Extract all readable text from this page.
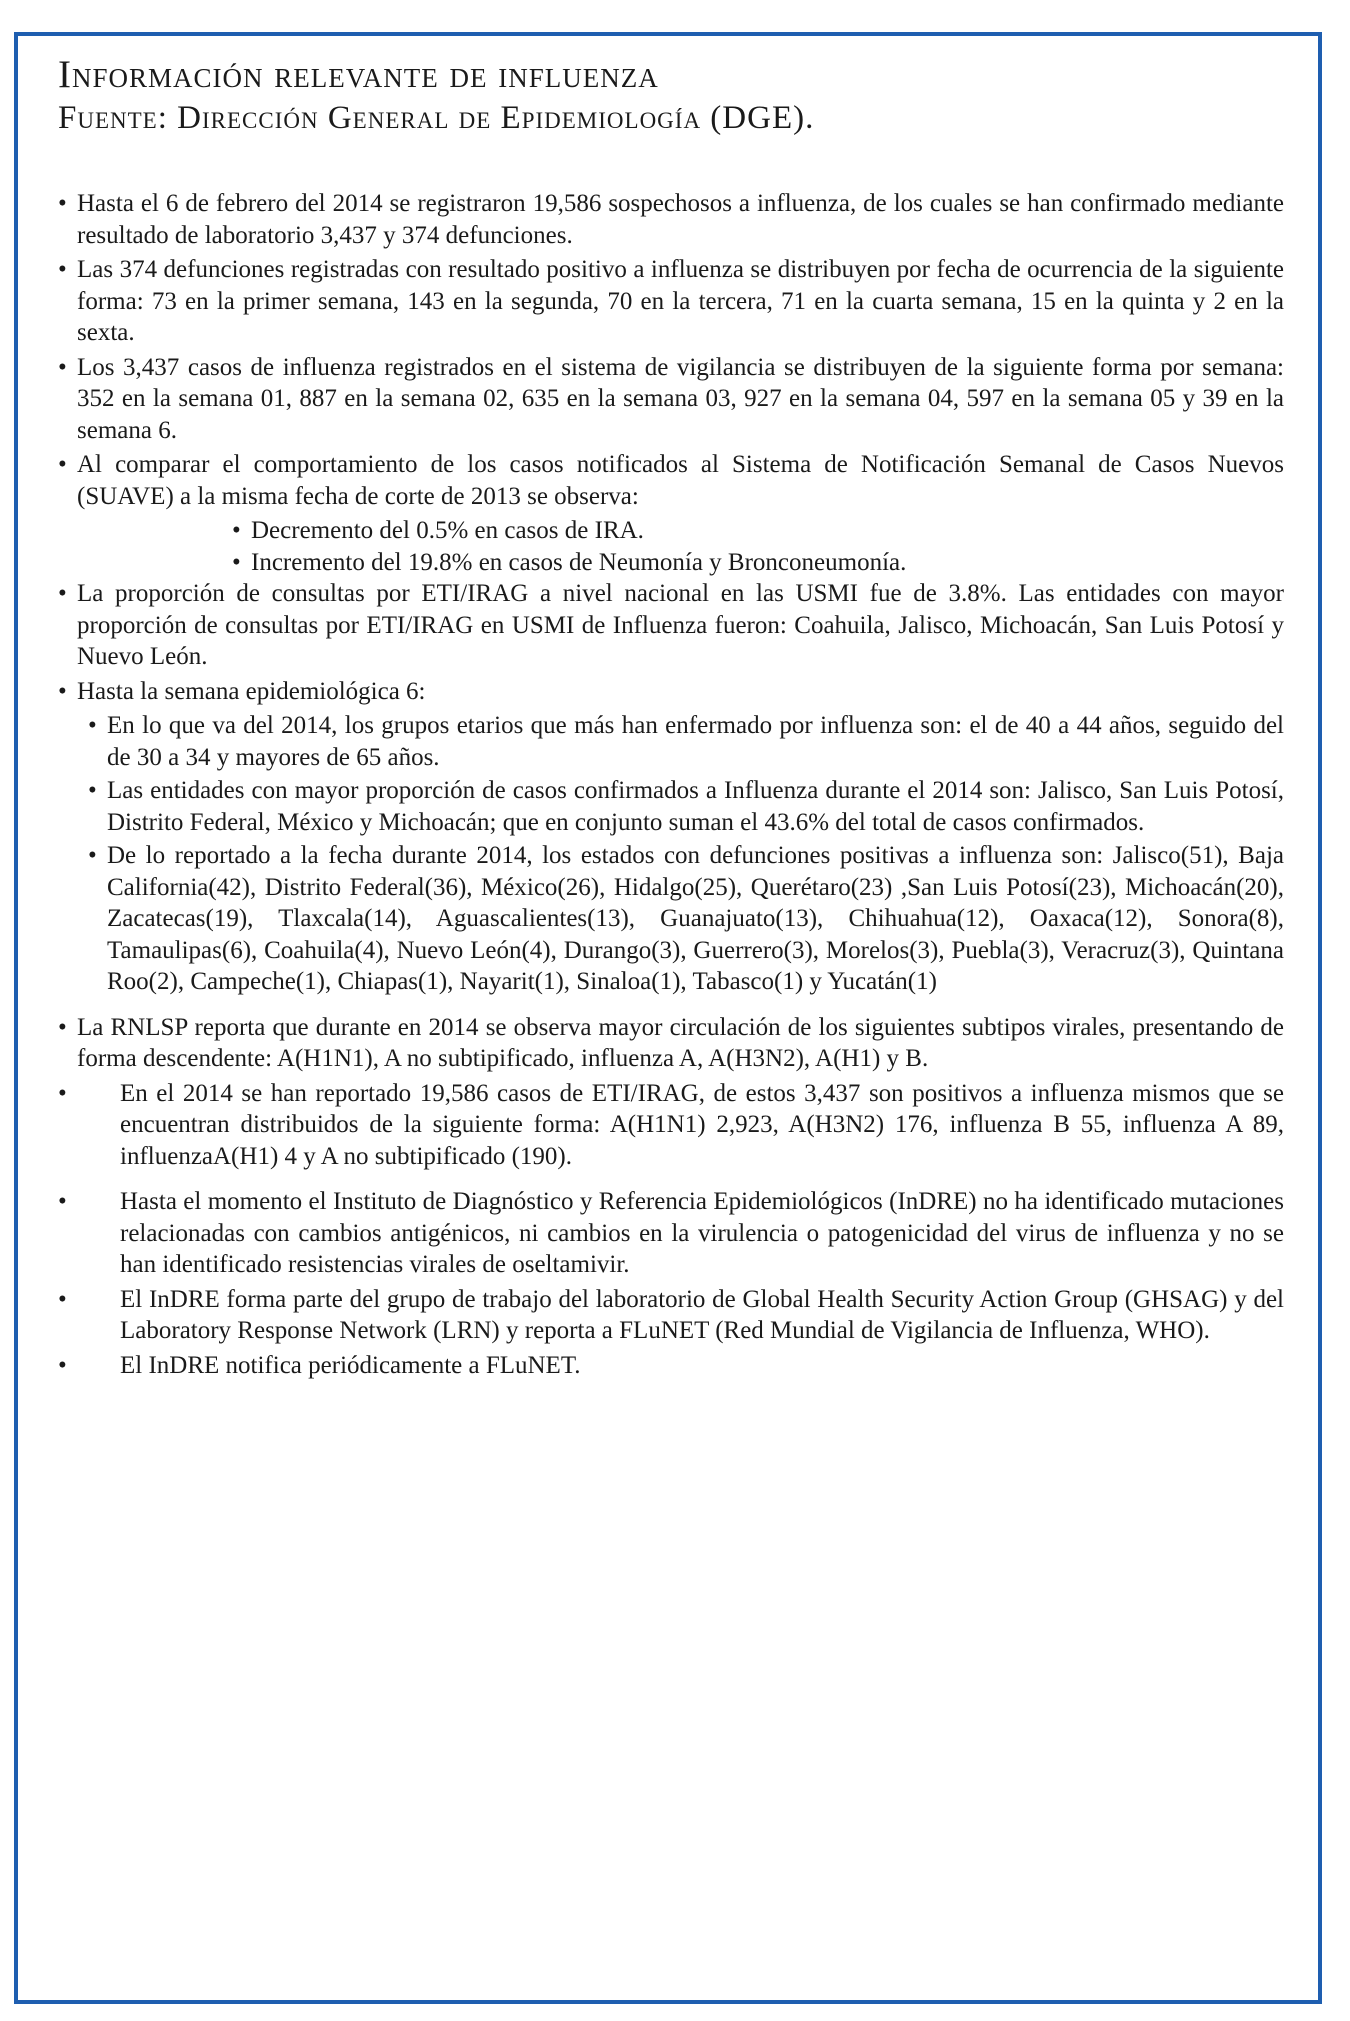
Información relevante de influenza
Fuente: Dirección General de Epidemiología (DGE).
• Hasta el 6 de febrero del 2014 se registraron 19,586 sospechosos a influenza, de los cuales se han confirmado mediante resultado de laboratorio 3,437 y 374 defunciones.
• Las 374 defunciones registradas con resultado positivo a influenza se distribuyen por fecha de ocurrencia de la siguiente forma: 73 en la primer semana, 143 en la segunda, 70 en la tercera, 71 en la cuarta semana, 15 en la quinta y 2 en la sexta.
• Los 3,437 casos de influenza registrados en el sistema de vigilancia se distribuyen de la siguiente forma por semana: 352 en la semana 01, 887 en la semana 02, 635 en la semana 03, 927 en la semana 04, 597 en la semana 05 y 39 en la semana 6.
• Al comparar el comportamiento de los casos notificados al Sistema de Notificación Semanal de Casos Nuevos (SUAVE) a la misma fecha de corte de 2013 se observa:
• Decremento del 0.5% en casos de IRA.
• Incremento del 19.8% en casos de Neumonía y Bronconeumonía.
• La proporción de consultas por ETI/IRAG a nivel nacional en las USMI fue de 3.8%. Las entidades con mayor proporción de consultas por ETI/IRAG en USMI de Influenza fueron: Coahuila, Jalisco, Michoacán, San Luis Potosí y Nuevo León.
• Hasta la semana epidemiológica 6:
• En lo que va del 2014, los grupos etarios que más han enfermado por influenza son: el de 40 a 44 años, seguido del de 30 a 34 y mayores de 65 años.
• Las entidades con mayor proporción de casos confirmados a Influenza durante el 2014 son: Jalisco, San Luis Potosí, Distrito Federal, México y Michoacán; que en conjunto suman el 43.6% del total de casos confirmados.
• De lo reportado a la fecha durante 2014, los estados con defunciones positivas a influenza son: Jalisco(51), Baja California(42), Distrito Federal(36), México(26), Hidalgo(25), Querétaro(23) ,San Luis Potosí(23), Michoacán(20), Zacatecas(19), Tlaxcala(14), Aguascalientes(13), Guanajuato(13), Chihuahua(12), Oaxaca(12), Sonora(8), Tamaulipas(6), Coahuila(4), Nuevo León(4), Durango(3), Guerrero(3), Morelos(3), Puebla(3), Veracruz(3), Quintana Roo(2), Campeche(1), Chiapas(1), Nayarit(1), Sinaloa(1), Tabasco(1) y Yucatán(1)
• La RNLSP reporta que durante en 2014 se observa mayor circulación de los siguientes subtipos virales, presentando de forma descendente: A(H1N1), A no subtipificado, influenza A, A(H3N2), A(H1) y B.
• En el 2014 se han reportado 19,586 casos de ETI/IRAG, de estos 3,437 son positivos a influenza mismos que se encuentran distribuidos de la siguiente forma: A(H1N1) 2,923, A(H3N2) 176, influenza B 55, influenza A 89, influenzaA(H1) 4 y A no subtipificado (190).
• Hasta el momento el Instituto de Diagnóstico y Referencia Epidemiológicos (InDRE) no ha identificado mutaciones relacionadas con cambios antigénicos, ni cambios en la virulencia o patogenicidad del virus de influenza y no se han identificado resistencias virales de oseltamivir.
• El InDRE forma parte del grupo de trabajo del laboratorio de Global Health Security Action Group (GHSAG) y del Laboratory Response Network (LRN) y reporta a FLuNET (Red Mundial de Vigilancia de Influenza, WHO).
• El InDRE notifica periódicamente a FLuNET.
